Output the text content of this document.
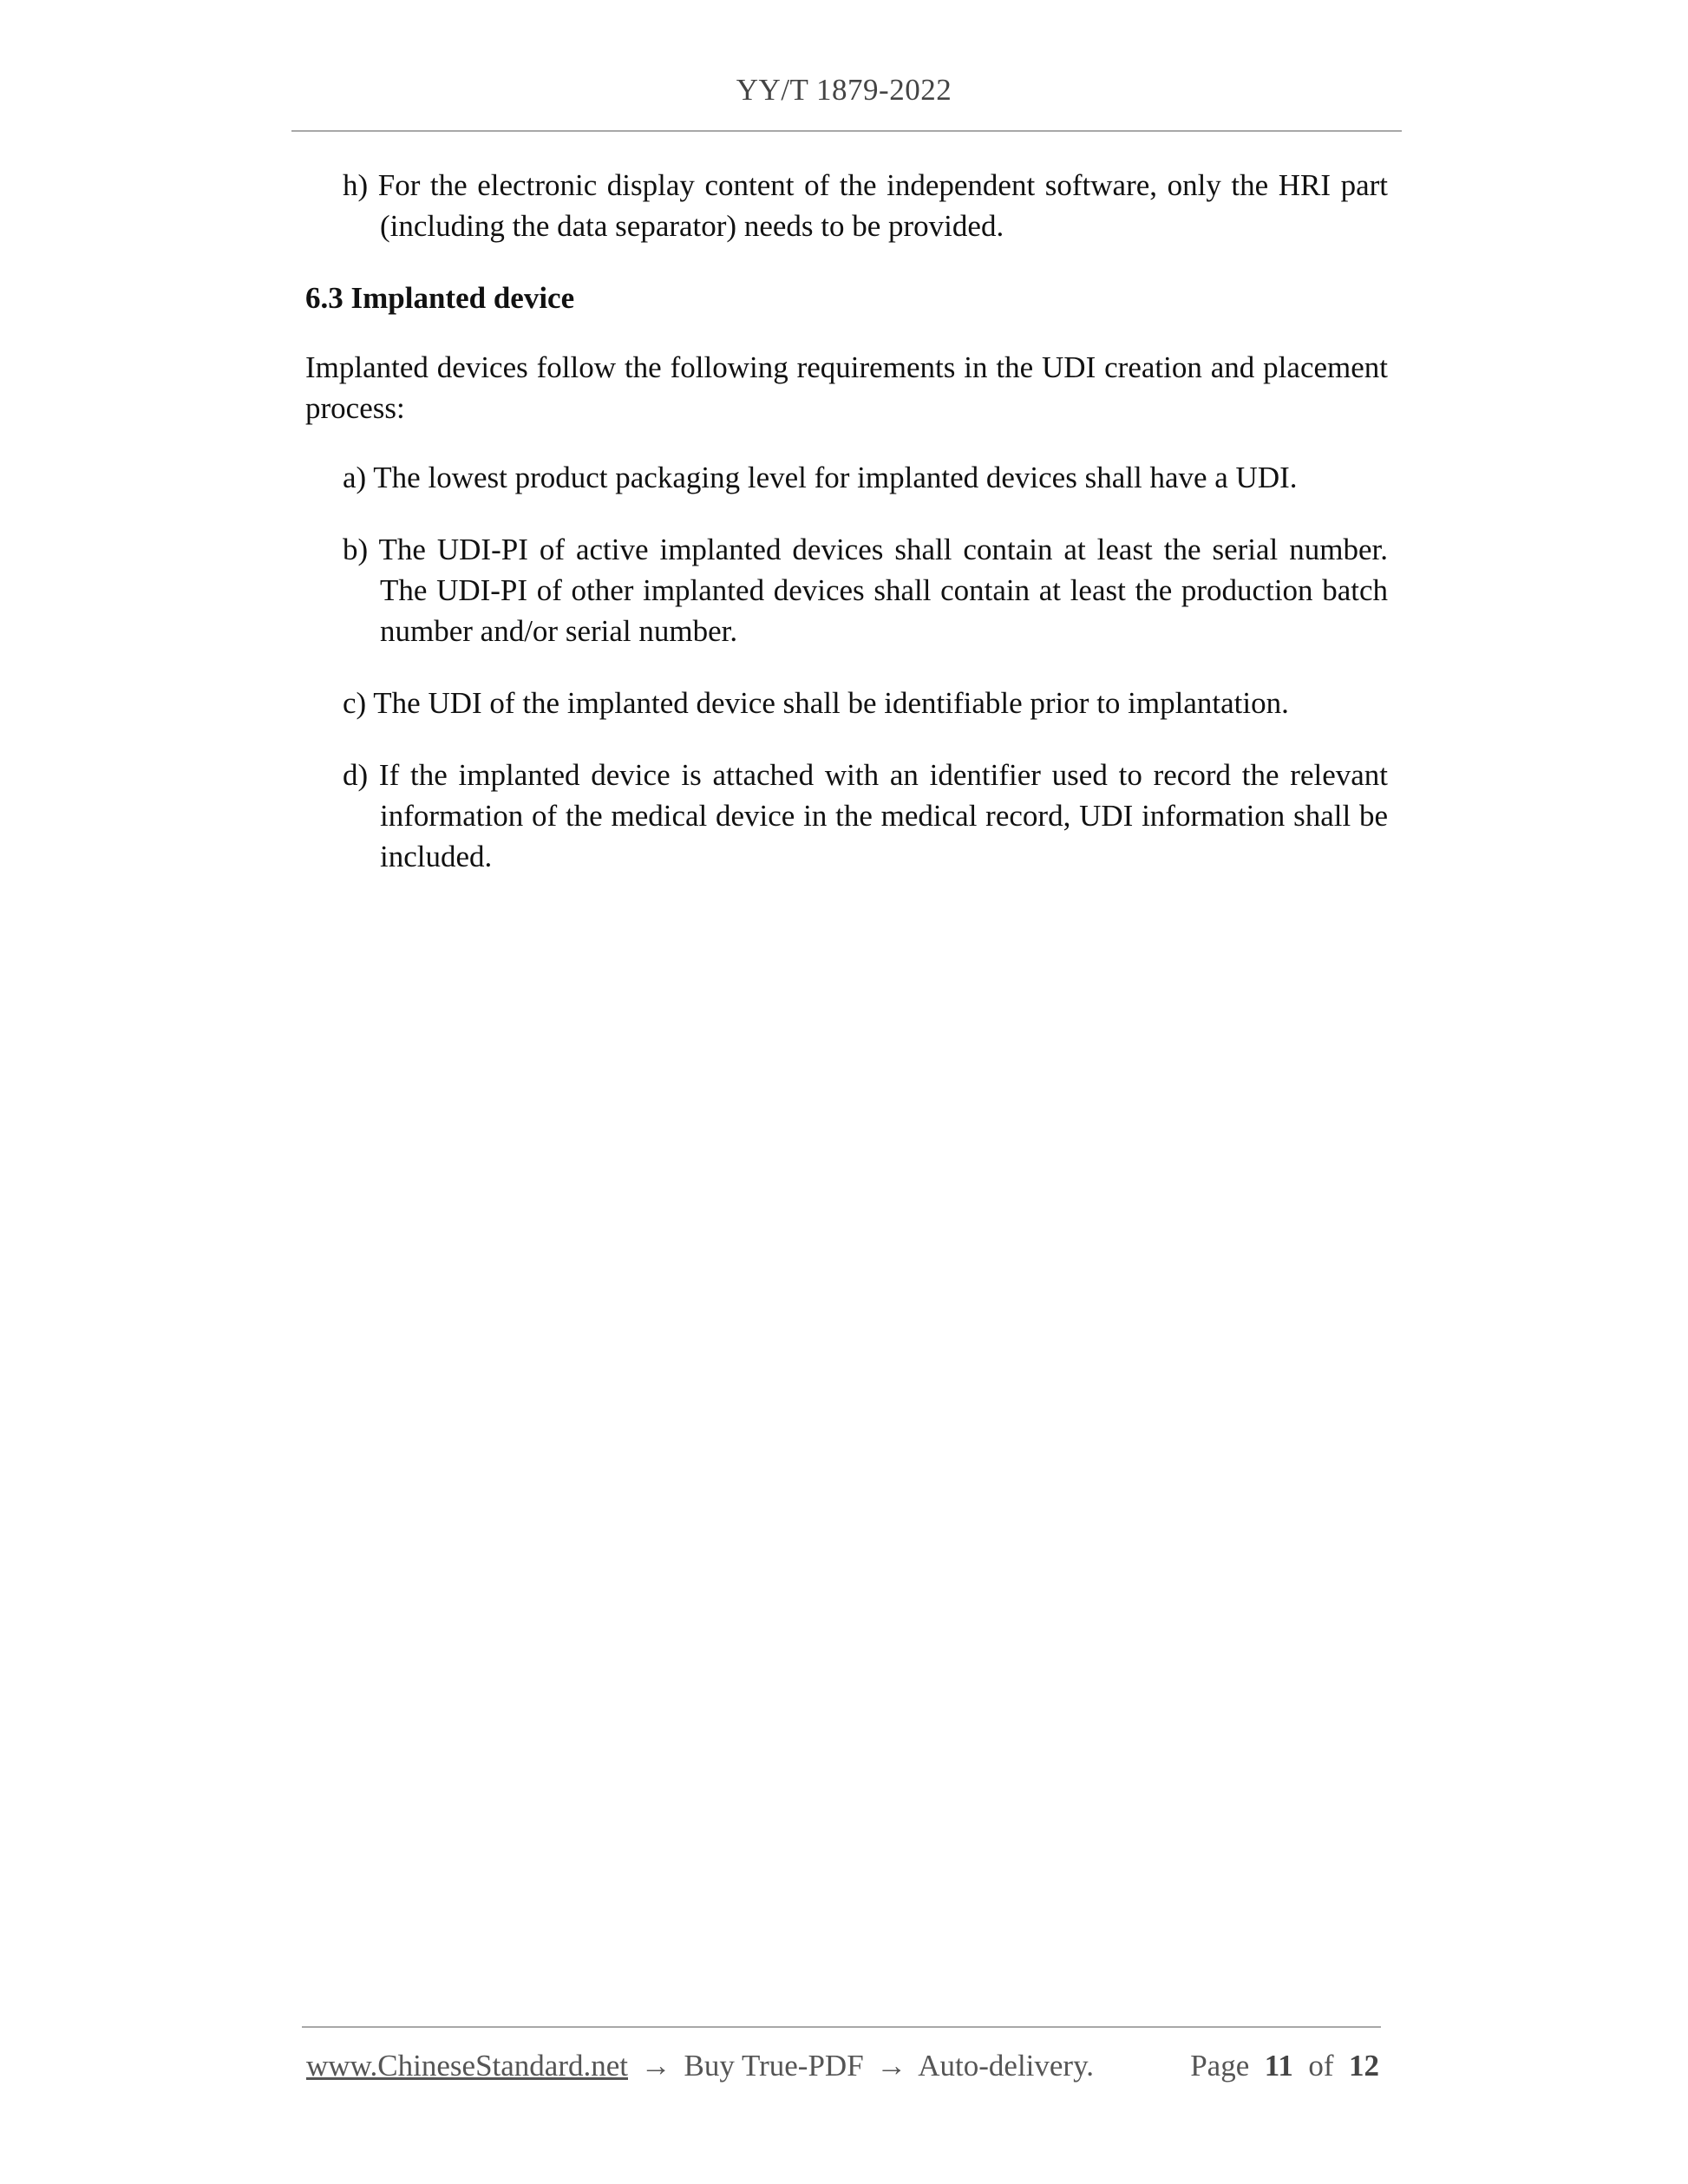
YY/T 1879-2022
h) For the electronic display content of the independent software, only the HRI part (including the data separator) needs to be provided.
6.3 Implanted device
Implanted devices follow the following requirements in the UDI creation and placement process:
a) The lowest product packaging level for implanted devices shall have a UDI.
b) The UDI-PI of active implanted devices shall contain at least the serial number. The UDI-PI of other implanted devices shall contain at least the production batch number and/or serial number.
c) The UDI of the implanted device shall be identifiable prior to implantation.
d) If the implanted device is attached with an identifier used to record the relevant information of the medical device in the medical record, UDI information shall be included.
www.ChineseStandard.net → Buy True-PDF → Auto-delivery.	Page 11 of 12
